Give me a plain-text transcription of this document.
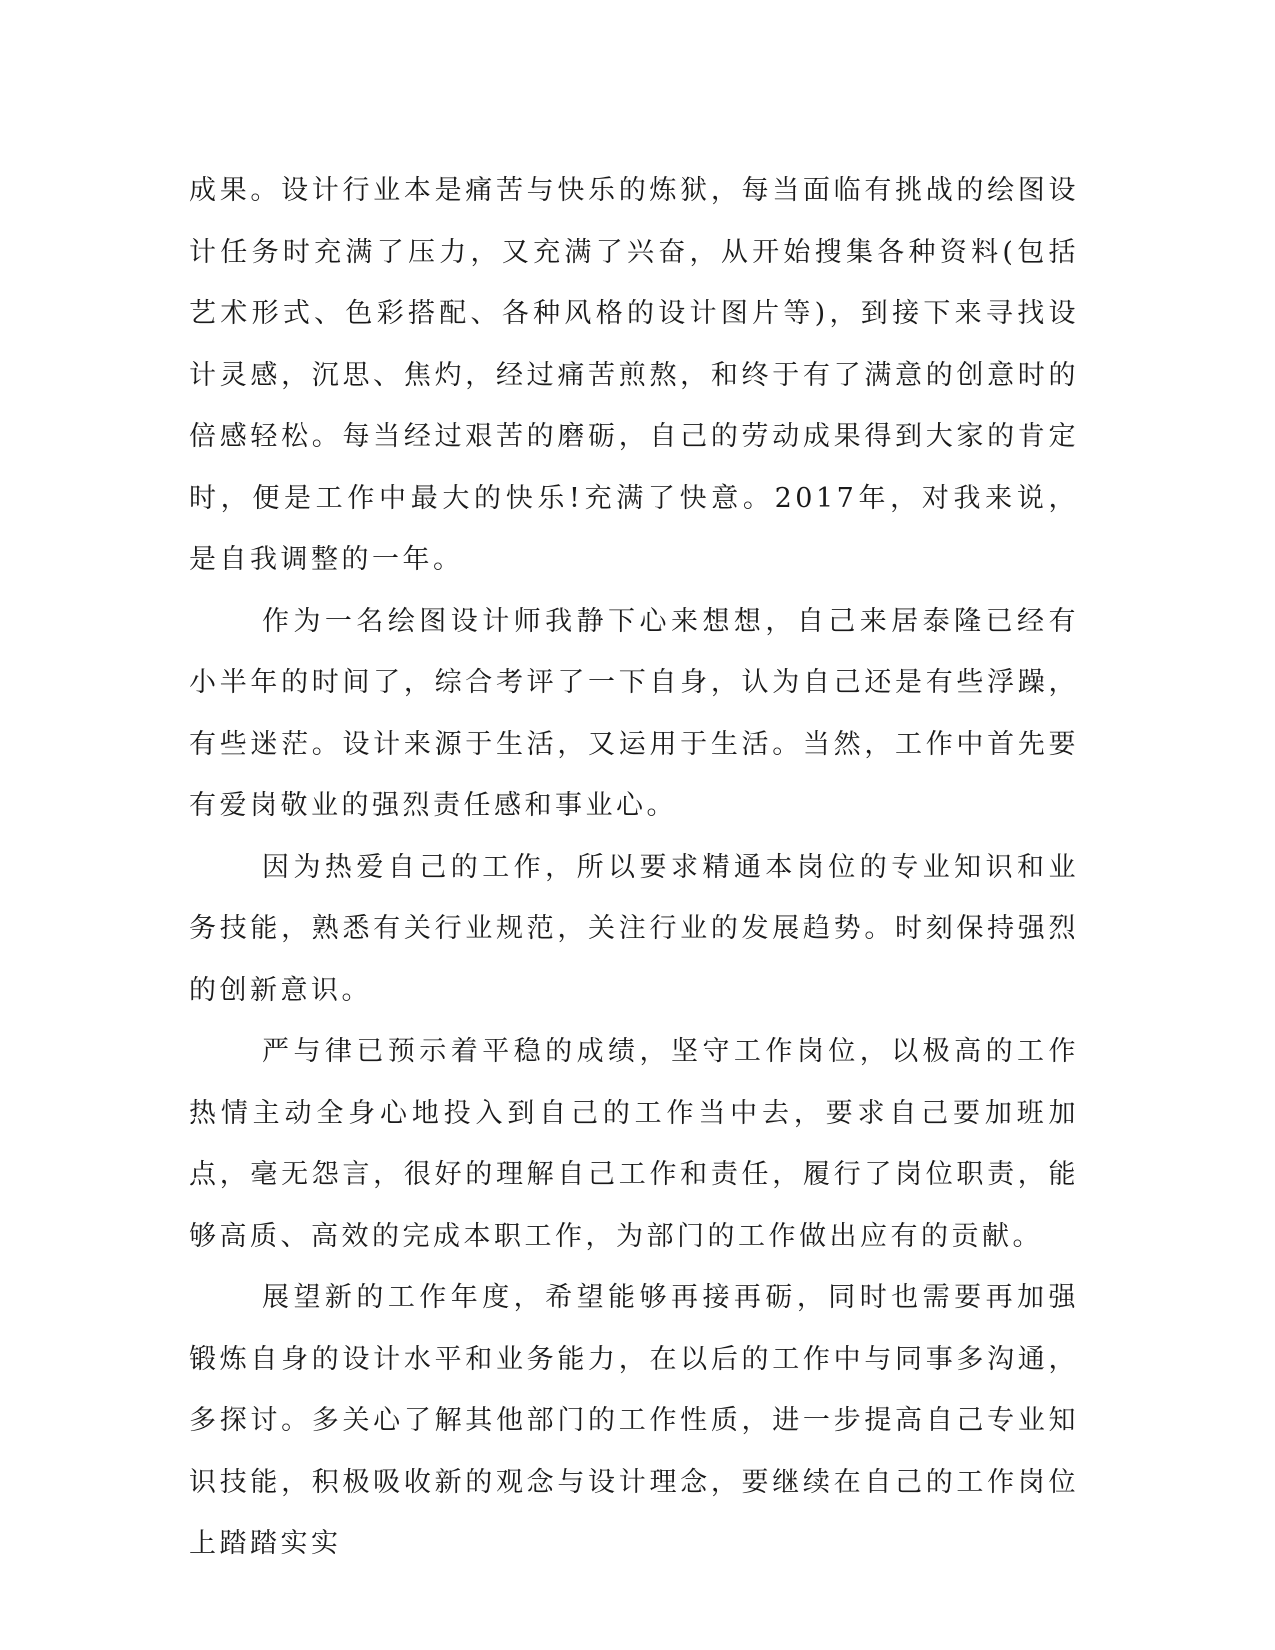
成果。设计行业本是痛苦与快乐的炼狱，每当面临有挑战的绘图设计任务时充满了压力，又充满了兴奋，从开始搜集各种资料(包括艺术形式、色彩搭配、各种风格的设计图片等)，到接下来寻找设计灵感，沉思、焦灼，经过痛苦煎熬，和终于有了满意的创意时的倍感轻松。每当经过艰苦的磨砺，自己的劳动成果得到大家的肯定时，便是工作中最大的快乐!充满了快意。2017年，对我来说，是自我调整的一年。

作为一名绘图设计师我静下心来想想，自己来居泰隆已经有小半年的时间了，综合考评了一下自身，认为自己还是有些浮躁，有些迷茫。设计来源于生活，又运用于生活。当然，工作中首先要有爱岗敬业的强烈责任感和事业心。

因为热爱自己的工作，所以要求精通本岗位的专业知识和业务技能，熟悉有关行业规范，关注行业的发展趋势。时刻保持强烈的创新意识。

严与律已预示着平稳的成绩，坚守工作岗位，以极高的工作热情主动全身心地投入到自己的工作当中去，要求自己要加班加点，毫无怨言，很好的理解自己工作和责任，履行了岗位职责，能够高质、高效的完成本职工作，为部门的工作做出应有的贡献。

展望新的工作年度，希望能够再接再砺，同时也需要再加强锻炼自身的设计水平和业务能力，在以后的工作中与同事多沟通，多探讨。多关心了解其他部门的工作性质，进一步提高自己专业知识技能，积极吸收新的观念与设计理念，要继续在自己的工作岗位上踏踏实实
